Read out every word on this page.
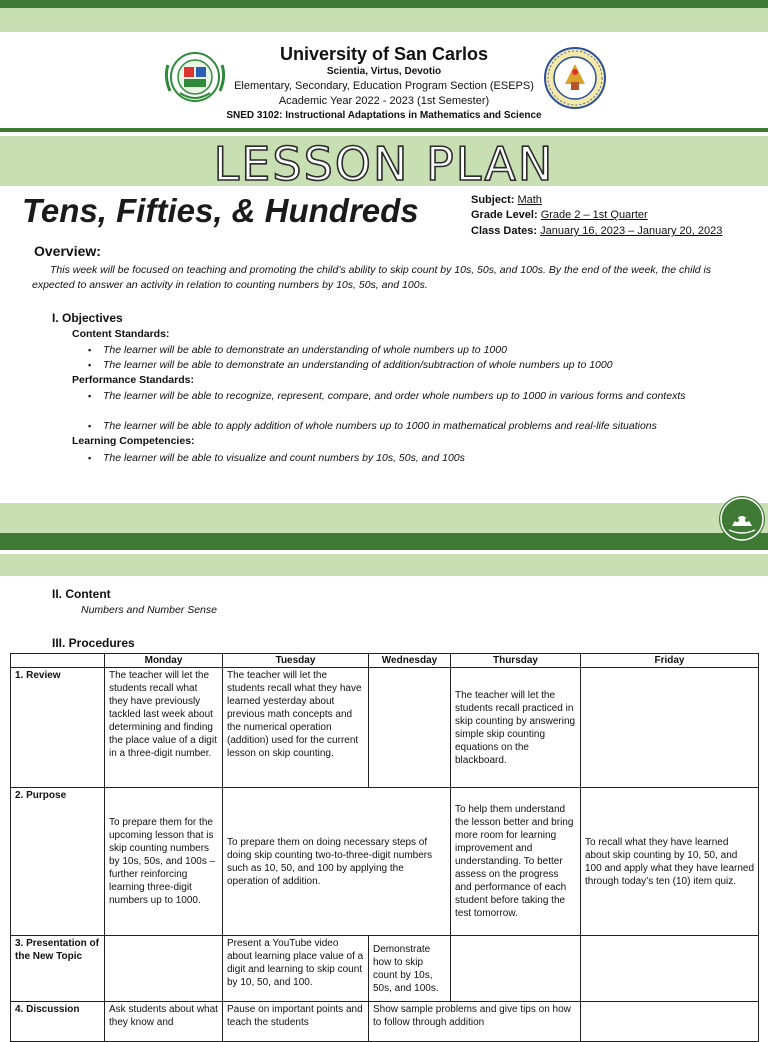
University of San Carlos
Scientia, Virtus, Devotio
Elementary, Secondary, Education Program Section (ESEPS)
Academic Year 2022 - 2023 (1st Semester)
SNED 3102: Instructional Adaptations in Mathematics and Science
LESSON PLAN
Tens, Fifties, & Hundreds	Subject: Math
Grade Level: Grade 2 – 1st Quarter
Class Dates: January 16, 2023 – January 20, 2023
Overview:
This week will be focused on teaching and promoting the child’s ability to skip count by 10s, 50s, and 100s. By the end of the week, the child is expected to answer an activity in relation to counting numbers by 10s, 50s, and 100s.
I. Objectives
Content Standards:
▪	The learner will be able to demonstrate an understanding of whole numbers up to 1000
▪	The learner will be able to demonstrate an understanding of addition/subtraction of whole numbers up to 1000
Performance Standards:
▪	The learner will be able to recognize, represent, compare, and order whole numbers up to 1000 in various forms and contexts
▪	The learner will be able to apply addition of whole numbers up to 1000 in mathematical problems and real-life situations
Learning Competencies:
▪	The learner will be able to visualize and count numbers by 10s, 50s, and 100s
II. Content
Numbers and Number Sense
III. Procedures
	Monday	Tuesday	Wednesday	Thursday	Friday
1. Review	The teacher will let the students recall what they have previously tackled last week about determining and finding the place value of a digit in a three-digit number.	The teacher will let the students recall what they have learned yesterday about previous math concepts and the numerical operation (addition) used for the current lesson on skip counting.		The teacher will let the students recall practiced in skip counting by answering simple skip counting equations on the blackboard.	
2. Purpose	To prepare them for the upcoming lesson that is skip counting numbers by 10s, 50s, and 100s – further reinforcing learning three-digit numbers up to 1000.	To prepare them on doing necessary steps of doing skip counting two-to-three-digit numbers such as 10, 50, and 100 by applying the operation of addition.		To help them understand the lesson better and bring more room for learning improvement and understanding. To better assess on the progress and performance of each student before taking the test tomorrow.	To recall what they have learned about skip counting by 10, 50, and 100 and apply what they have learned through today’s ten (10) item quiz.
3. Presentation of the New Topic		Present a YouTube video about learning place value of a digit and learning to skip count by 10, 50, and 100.	Demonstrate how to skip count by 10s, 50s, and 100s.		
4. Discussion	Ask students about what they know and	Pause on important points and teach the students	Show sample problems and give tips on how to follow through addition		
